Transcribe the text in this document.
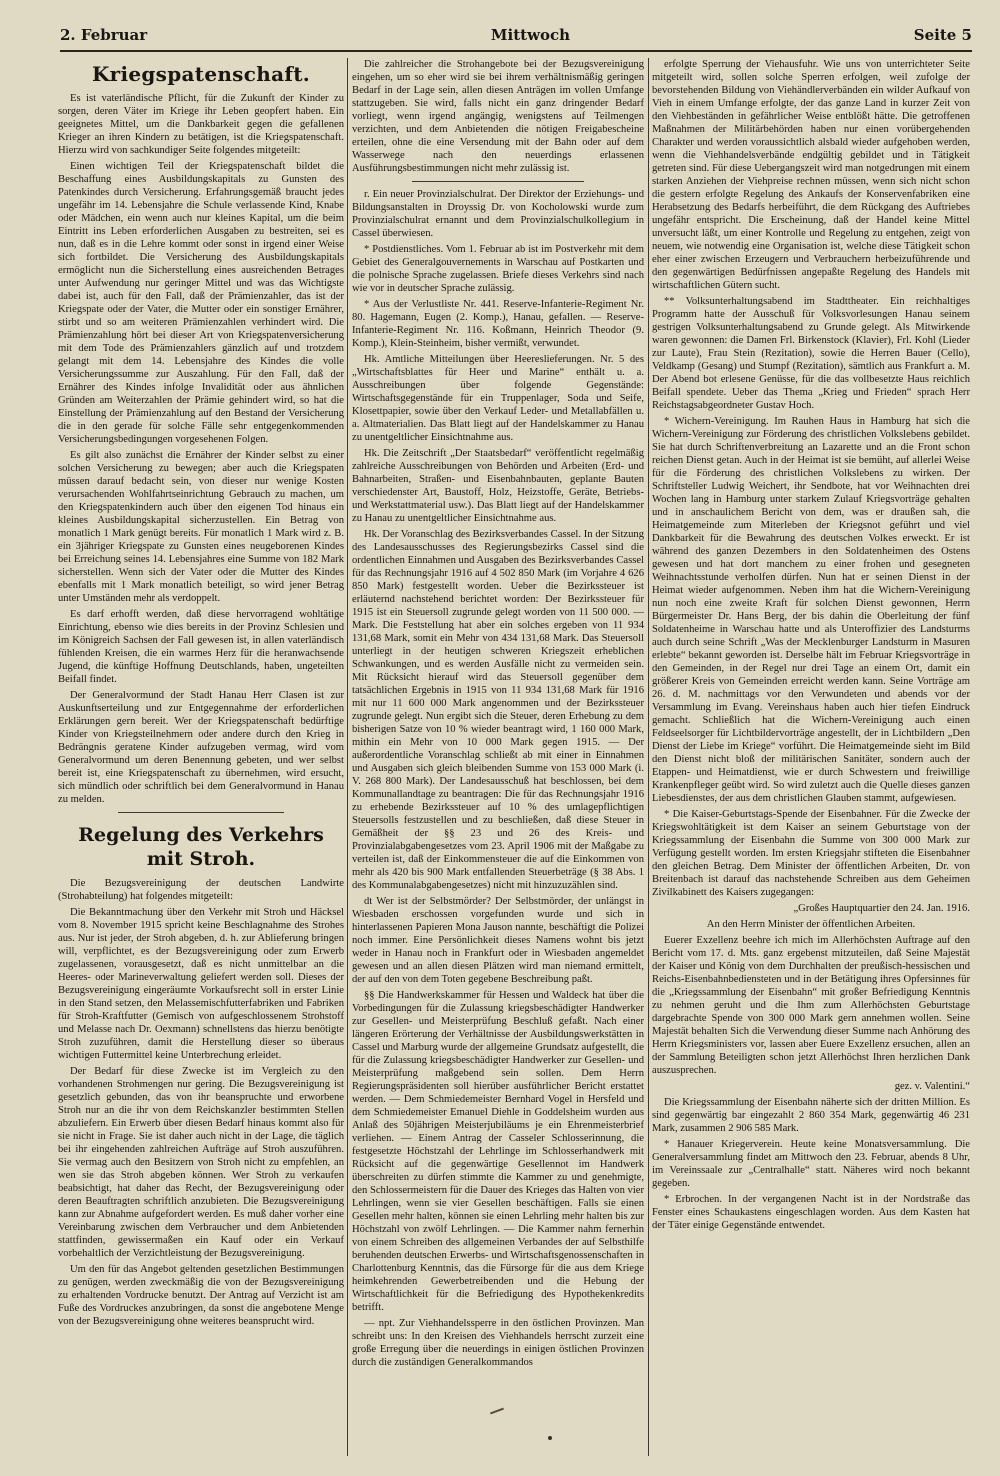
2. Februar	Mittwoch	Seite 5
Kriegspatenschaft.

Es ist vaterländische Pflicht, für die Zukunft der Kinder zu sorgen, deren Väter im Kriege ihr Leben geopfert haben. Ein geeignetes Mittel, um die Dankbarkeit gegen die gefallenen Krieger an ihren Kindern zu betätigen, ist die Kriegspatenschaft. Hierzu wird von sachkundiger Seite folgendes mitgeteilt:

Einen wichtigen Teil der Kriegspatenschaft bildet die Beschaffung eines Ausbildungskapitals zu Gunsten des Patenkindes durch Versicherung. Erfahrungsgemäß braucht jedes ungefähr im 14. Lebensjahre die Schule verlassende Kind, Knabe oder Mädchen, ein wenn auch nur kleines Kapital, um die beim Eintritt ins Leben erforderlichen Ausgaben zu bestreiten, sei es nun, daß es in die Lehre kommt oder sonst in irgend einer Weise sich fortbildet. Die Versicherung des Ausbildungskapitals ermöglicht nun die Sicherstellung eines ausreichenden Betrages unter Aufwendung nur geringer Mittel und was das Wichtigste dabei ist, auch für den Fall, daß der Prämienzahler, das ist der Kriegspate oder der Vater, die Mutter oder ein sonstiger Ernährer, stirbt und so am weiteren Prämienzahlen verhindert wird. Die Prämienzahlung hört bei dieser Art von Kriegspatenversicherung mit dem Tode des Prämienzahlers gänzlich auf und trotzdem gelangt mit dem 14. Lebensjahre des Kindes die volle Versicherungssumme zur Auszahlung. Für den Fall, daß der Ernährer des Kindes infolge Invalidität oder aus ähnlichen Gründen am Weiterzahlen der Prämie gehindert wird, so hat die Einstellung der Prämienzahlung auf den Bestand der Versicherung die in den gerade für solche Fälle sehr entgegenkommenden Versicherungsbedingungen vorgesehenen Folgen.

Es gilt also zunächst die Ernährer der Kinder selbst zu einer solchen Versicherung zu bewegen; aber auch die Kriegspaten müssen darauf bedacht sein, von dieser nur wenige Kosten verursachenden Wohlfahrtseinrichtung Gebrauch zu machen, um den Kriegspatenkindern auch über den eigenen Tod hinaus ein kleines Ausbildungskapital sicherzustellen. Ein Betrag von monatlich 1 Mark genügt bereits. Für monatlich 1 Mark wird z. B. ein 3jähriger Kriegspate zu Gunsten eines neugeborenen Kindes bei Erreichung seines 14. Lebensjahres eine Summe von 182 Mark sicherstellen. Wenn sich der Vater oder die Mutter des Kindes ebenfalls mit 1 Mark monatlich beteiligt, so wird jener Betrag unter Umständen mehr als verdoppelt.

Es darf erhofft werden, daß diese hervorragend wohltätige Einrichtung, ebenso wie dies bereits in der Provinz Schlesien und im Königreich Sachsen der Fall gewesen ist, in allen vaterländisch fühlenden Kreisen, die ein warmes Herz für die heranwachsende Jugend, die künftige Hoffnung Deutschlands, haben, ungeteilten Beifall findet.

Der Generalvormund der Stadt Hanau Herr Clasen ist zur Auskunftserteilung und zur Entgegennahme der erforderlichen Erklärungen gern bereit. Wer der Kriegspatenschaft bedürftige Kinder von Kriegsteilnehmern oder andere durch den Krieg in Bedrängnis geratene Kinder aufzugeben vermag, wird vom Generalvormund um deren Benennung gebeten, und wer selbst bereit ist, eine Kriegspatenschaft zu übernehmen, wird ersucht, sich mündlich oder schriftlich bei dem Generalvormund in Hanau zu melden.

Regelung des Verkehrs mit Stroh.

Die Bezugsvereinigung der deutschen Landwirte (Strohabteilung) hat folgendes mitgeteilt:

Die Bekanntmachung über den Verkehr mit Stroh und Häcksel vom 8. November 1915 spricht keine Beschlagnahme des Strohes aus. Nur ist jeder, der Stroh abgeben, d. h. zur Ablieferung bringen will, verpflichtet, es der Bezugsvereinigung oder zum Erwerb zugelassenen, vorausgesetzt, daß es nicht unmittelbar an die Heeres- oder Marineverwaltung geliefert werden soll. Dieses der Bezugsvereinigung eingeräumte Vorkaufsrecht soll in erster Linie in den Stand setzen, den Melassemischfutterfabriken und Fabriken für Stroh-Kraftfutter (Gemisch von aufgeschlossenem Strohstoff und Melasse nach Dr. Oexmann) schnellstens das hierzu benötigte Stroh zuzuführen, damit die Herstellung dieser so überaus wichtigen Futtermittel keine Unterbrechung erleidet.

Der Bedarf für diese Zwecke ist im Vergleich zu den vorhandenen Strohmengen nur gering. Die Bezugsvereinigung ist gesetzlich gebunden, das von ihr beanspruchte und erworbene Stroh nur an die ihr von dem Reichskanzler bestimmten Stellen abzuliefern. Ein Erwerb über diesen Bedarf hinaus kommt also für sie nicht in Frage. Sie ist daher auch nicht in der Lage, die täglich bei ihr eingehenden zahlreichen Aufträge auf Stroh auszuführen. Sie vermag auch den Besitzern von Stroh nicht zu empfehlen, an wen sie das Stroh abgeben können. Wer Stroh zu verkaufen beabsichtigt, hat daher das Recht, der Bezugsvereinigung oder deren Beauftragten schriftlich anzubieten. Die Bezugsvereinigung kann zur Abnahme aufgefordert werden. Es muß daher vorher eine Vereinbarung zwischen dem Verbraucher und dem Anbietenden stattfinden, gewissermaßen ein Kauf oder ein Verkauf vorbehaltlich der Verzichtleistung der Bezugsvereinigung.

Um den für das Angebot geltenden gesetzlichen Bestimmungen zu genügen, werden zweckmäßig die von der Bezugsvereinigung zu erhaltenden Vordrucke benutzt. Der Antrag auf Verzicht ist am Fuße des Vordruckes anzubringen, da sonst die angebotene Menge von der Bezugsvereinigung ohne weiteres beansprucht wird.

Die zahlreicher die Strohangebote bei der Bezugsvereinigung eingehen, um so eher wird sie bei ihrem verhältnismäßig geringen Bedarf in der Lage sein, allen diesen Anträgen im vollen Umfange stattzugeben. Sie wird, falls nicht ein ganz dringender Bedarf vorliegt, wenn irgend angängig, wenigstens auf Teilmengen verzichten, und dem Anbietenden die nötigen Freigabescheine erteilen, ohne die eine Versendung mit der Bahn oder auf dem Wasserwege nach den neuerdings erlassenen Ausführungsbestimmungen nicht mehr zulässig ist.

r. Ein neuer Provinzialschulrat. Der Direktor der Erziehungs- und Bildungsanstalten in Droyssig Dr. von Kocholowski wurde zum Provinzialschulrat ernannt und dem Provinzialschulkollegium in Cassel überwiesen.

* Postdienstliches. Vom 1. Februar ab ist im Postverkehr mit dem Gebiet des Generalgouvernements in Warschau auf Postkarten und die polnische Sprache zugelassen. Briefe dieses Verkehrs sind nach wie vor in deutscher Sprache zulässig.

* Aus der Verlustliste Nr. 441. Reserve-Infanterie-Regiment Nr. 80. Hagemann, Eugen (2. Komp.), Hanau, gefallen. — Reserve-Infanterie-Regiment Nr. 116. Koßmann, Heinrich Theodor (9. Komp.), Klein-Steinheim, bisher vermißt, verwundet.

Hk. Amtliche Mitteilungen über Heereslieferungen. Nr. 5 des „Wirtschaftsblattes für Heer und Marine“ enthält u. a. Ausschreibungen über folgende Gegenstände: Wirtschaftsgegenstände für ein Truppenlager, Soda und Seife, Klosettpapier, sowie über den Verkauf Leder- und Metallabfällen u. a. Altmaterialien. Das Blatt liegt auf der Handelskammer zu Hanau zu unentgeltlicher Einsichtnahme aus.

Hk. Die Zeitschrift „Der Staatsbedarf“ veröffentlicht regelmäßig zahlreiche Ausschreibungen von Behörden und Arbeiten (Erd- und Bahnarbeiten, Straßen- und Eisenbahnbauten, geplante Bauten verschiedenster Art, Baustoff, Holz, Heizstoffe, Geräte, Betriebs- und Werkstattmaterial usw.). Das Blatt liegt auf der Handelskammer zu Hanau zu unentgeltlicher Einsichtnahme aus.

Hk. Der Voranschlag des Bezirksverbandes Cassel. In der Sitzung des Landesausschusses des Regierungsbezirks Cassel sind die ordentlichen Einnahmen und Ausgaben des Bezirksverbandes Cassel für das Rechnungsjahr 1916 auf 4 502 850 Mark (im Vorjahre 4 626 850 Mark) festgestellt worden. Ueber die Bezirkssteuer ist erläuternd nachstehend berichtet worden: Der Bezirkssteuer für 1915 ist ein Steuersoll zugrunde gelegt worden von 11 500 000. — Mark. Die Feststellung hat aber ein solches ergeben von 11 934 131,68 Mark, somit ein Mehr von 434 131,68 Mark. Das Steuersoll unterliegt in der heutigen schweren Kriegszeit erheblichen Schwankungen, und es werden Ausfälle nicht zu vermeiden sein. Mit Rücksicht hierauf wird das Steuersoll gegenüber dem tatsächlichen Ergebnis in 1915 von 11 934 131,68 Mark für 1916 mit nur 11 600 000 Mark angenommen und der Bezirkssteuer zugrunde gelegt. Nun ergibt sich die Steuer, deren Erhebung zu dem bisherigen Satze von 10 % wieder beantragt wird, 1 160 000 Mark, mithin ein Mehr von 10 000 Mark gegen 1915. — Der außerordentliche Voranschlag schließt ab mit einer in Einnahmen und Ausgaben sich gleich bleibenden Summe von 153 000 Mark (i. V. 268 800 Mark). Der Landesausschuß hat beschlossen, bei dem Kommunallandtage zu beantragen: Die für das Rechnungsjahr 1916 zu erhebende Bezirkssteuer auf 10 % des umlagepflichtigen Steuersolls festzustellen und zu beschließen, daß diese Steuer in Gemäßheit der §§ 23 und 26 des Kreis- und Provinzialabgabengesetzes vom 23. April 1906 mit der Maßgabe zu verteilen ist, daß der Einkommensteuer die auf die Einkommen von mehr als 420 bis 900 Mark entfallenden Steuerbeträge (§ 38 Abs. 1 des Kommunalabgabengesetzes) nicht mit hinzuzuzählen sind.

dt Wer ist der Selbstmörder? Der Selbstmörder, der unlängst in Wiesbaden erschossen vorgefunden wurde und sich in hinterlassenen Papieren Mona Jauson nannte, beschäftigt die Polizei noch immer. Eine Persönlichkeit dieses Namens wohnt bis jetzt weder in Hanau noch in Frankfurt oder in Wiesbaden angemeldet gewesen und an allen diesen Plätzen wird man niemand ermittelt, der auf den von dem Toten gegebene Beschreibung paßt.

§§ Die Handwerkskammer für Hessen und Waldeck hat über die Vorbedingungen für die Zulassung kriegsbeschädigter Handwerker zur Gesellen- und Meisterprüfung Beschluß gefaßt. Nach einer längeren Erörterung der Verhältnisse der Ausbildungswerkstätten in Cassel und Marburg wurde der allgemeine Grundsatz aufgestellt, die für die Zulassung kriegsbeschädigter Handwerker zur Gesellen- und Meisterprüfung maßgebend sein sollen. Dem Herrn Regierungspräsidenten soll hierüber ausführlicher Bericht erstattet werden. — Dem Schmiedemeister Bernhard Vogel in Hersfeld und dem Schmiedemeister Emanuel Diehle in Goddelsheim wurden aus Anlaß des 50jährigen Meisterjubiläums je ein Ehrenmeisterbrief verliehen. — Einem Antrag der Casseler Schlosserinnung, die festgesetzte Höchstzahl der Lehrlinge im Schlosserhandwerk mit Rücksicht auf die gegenwärtige Gesellennot im Handwerk überschreiten zu dürfen stimmte die Kammer zu und genehmigte, den Schlossermeistern für die Dauer des Krieges das Halten von vier Lehrlingen, wenn sie vier Gesellen beschäftigen. Falls sie einen Gesellen mehr halten, können sie einen Lehrling mehr halten bis zur Höchstzahl von zwölf Lehrlingen. — Die Kammer nahm fernerhin von einem Schreiben des allgemeinen Verbandes der auf Selbsthilfe beruhenden deutschen Erwerbs- und Wirtschaftsgenossenschaften in Charlottenburg Kenntnis, das die Fürsorge für die aus dem Kriege heimkehrenden Gewerbetreibenden und die Hebung der Wirtschaftlichkeit für die Befriedigung des Hypothekenkredits betrifft.

— npt. Zur Viehhandelssperre in den östlichen Provinzen. Man schreibt uns: In den Kreisen des Viehhandels herrscht zurzeit eine große Erregung über die neuerdings in einigen östlichen Provinzen durch die zuständigen Generalkommandos

erfolgte Sperrung der Viehausfuhr. Wie uns von unterrichteter Seite mitgeteilt wird, sollen solche Sperren erfolgen, weil zufolge der bevorstehenden Bildung von Viehändlerverbänden ein wilder Aufkauf von Vieh in einem Umfange erfolgte, der das ganze Land in kurzer Zeit von den Viehbeständen in gefährlicher Weise entblößt hätte. Die getroffenen Maßnahmen der Militärbehörden haben nur einen vorübergehenden Charakter und werden voraussichtlich alsbald wieder aufgehoben werden, wenn die Viehhandelsverbände endgültig gebildet und in Tätigkeit getreten sind. Für diese Uebergangszeit wird man notgedrungen mit einem starken Anziehen der Viehpreise rechnen müssen, wenn sich nicht schon die gestern erfolgte Regelung des Ankaufs der Konservenfabriken eine Herabsetzung des Bedarfs herbeiführt, die dem Rückgang des Auftriebes ungefähr entspricht. Die Erscheinung, daß der Handel keine Mittel unversucht läßt, um einer Kontrolle und Regelung zu entgehen, zeigt von neuem, wie notwendig eine Organisation ist, welche diese Tätigkeit schon eher einer zwischen Erzeugern und Verbrauchern herbeizuführende und den gegenwärtigen Bedürfnissen angepaßte Regelung des Handels mit wirtschaftlichen Gütern sucht.

** Volksunterhaltungsabend im Stadttheater. Ein reichhaltiges Programm hatte der Ausschuß für Volksvorlesungen Hanau seinem gestrigen Volksunterhaltungsabend zu Grunde gelegt. Als Mitwirkende waren gewonnen: die Damen Frl. Birkenstock (Klavier), Frl. Kohl (Lieder zur Laute), Frau Stein (Rezitation), sowie die Herren Bauer (Cello), Veldkamp (Gesang) und Stumpf (Rezitation), sämtlich aus Frankfurt a. M. Der Abend bot erlesene Genüsse, für die das vollbesetzte Haus reichlich Beifall spendete. Ueber das Thema „Krieg und Frieden“ sprach Herr Reichstagsabgeordneter Gustav Hoch.

* Wichern-Vereinigung. Im Rauhen Haus in Hamburg hat sich die Wichern-Vereinigung zur Förderung des christlichen Volkslebens gebildet. Sie hat durch Schriftenverbreitung an Lazarette und an die Front schon reichen Dienst getan. Auch in der Heimat ist sie bemüht, auf allerlei Weise für die Förderung des christlichen Volkslebens zu wirken. Der Schriftsteller Ludwig Weichert, ihr Sendbote, hat vor Weihnachten drei Wochen lang in Hamburg unter starkem Zulauf Kriegsvorträge gehalten und in anschaulichem Bericht von dem, was er draußen sah, die Heimatgemeinde zum Miterleben der Kriegsnot geführt und viel Dankbarkeit für die Bewahrung des deutschen Volkes erweckt. Er ist während des ganzen Dezembers in den Soldatenheimen des Ostens gewesen und hat dort manchem zu einer frohen und gesegneten Weihnachtsstunde verholfen dürfen. Nun hat er seinen Dienst in der Heimat wieder aufgenommen. Neben ihm hat die Wichern-Vereinigung nun noch eine zweite Kraft für solchen Dienst gewonnen, Herrn Bürgermeister Dr. Hans Berg, der bis dahin die Oberleitung der fünf Soldatenheime in Warschau hatte und als Unteroffizier des Landsturms auch durch seine Schrift „Was der Mecklenburger Landsturm in Masuren erlebte“ bekannt geworden ist. Derselbe hält im Februar Kriegsvorträge in den Gemeinden, in der Regel nur drei Tage an einem Ort, damit ein größerer Kreis von Gemeinden erreicht werden kann. Seine Vorträge am 26. d. M. nachmittags vor den Verwundeten und abends vor der Versammlung im Evang. Vereinshaus haben auch hier tiefen Eindruck gemacht. Schließlich hat die Wichern-Vereinigung auch einen Feldseelsorger für Lichtbildervorträge angestellt, der in Lichtbildern „Den Dienst der Liebe im Kriege“ vorführt. Die Heimatgemeinde sieht im Bild den Dienst nicht bloß der militärischen Sanitäter, sondern auch der Etappen- und Heimatdienst, wie er durch Schwestern und freiwillige Krankenpfleger geübt wird. So wird zuletzt auch die Quelle dieses ganzen Liebesdienstes, der aus dem christlichen Glauben stammt, aufgewiesen.

* Die Kaiser-Geburtstags-Spende der Eisenbahner. Für die Zwecke der Kriegswohltätigkeit ist dem Kaiser an seinem Geburtstage von der Kriegssammlung der Eisenbahn die Summe von 300 000 Mark zur Verfügung gestellt worden. Im ersten Kriegsjahr stifteten die Eisenbahner den gleichen Betrag. Dem Minister der öffentlichen Arbeiten, Dr. von Breitenbach ist darauf das nachstehende Schreiben aus dem Geheimen Zivilkabinett des Kaisers zugegangen:

„Großes Hauptquartier den 24. Jan. 1916.

An den Herrn Minister der öffentlichen Arbeiten.

Euerer Exzellenz beehre ich mich im Allerhöchsten Auftrage auf den Bericht vom 17. d. Mts. ganz ergebenst mitzuteilen, daß Seine Majestät der Kaiser und König von dem Durchhalten der preußisch-hessischen und Reichs-Eisenbahnbediensteten und in der Betätigung ihres Opfersinnes für die „Kriegssammlung der Eisenbahn“ mit großer Befriedigung Kenntnis zu nehmen geruht und die Ihm zum Allerhöchsten Geburtstage dargebrachte Spende von 300 000 Mark gern annehmen wollen. Seine Majestät behalten Sich die Verwendung dieser Summe nach Anhörung des Herrn Kriegsministers vor, lassen aber Euere Exzellenz ersuchen, allen an der Sammlung Beteiligten schon jetzt Allerhöchst Ihren herzlichen Dank auszusprechen.

gez. v. Valentini.“

Die Kriegssammlung der Eisenbahn näherte sich der dritten Million. Es sind gegenwärtig bar eingezahlt 2 860 354 Mark, gegenwärtig 46 231 Mark, zusammen 2 906 585 Mark.

* Hanauer Kriegerverein. Heute keine Monatsversammlung. Die Generalversammlung findet am Mittwoch den 23. Februar, abends 8 Uhr, im Vereinssaale zur „Centralhalle“ statt. Näheres wird noch bekannt gegeben.

* Erbrochen. In der vergangenen Nacht ist in der Nordstraße das Fenster eines Schaukastens eingeschlagen worden. Aus dem Kasten hat der Täter einige Gegenstände entwendet.
